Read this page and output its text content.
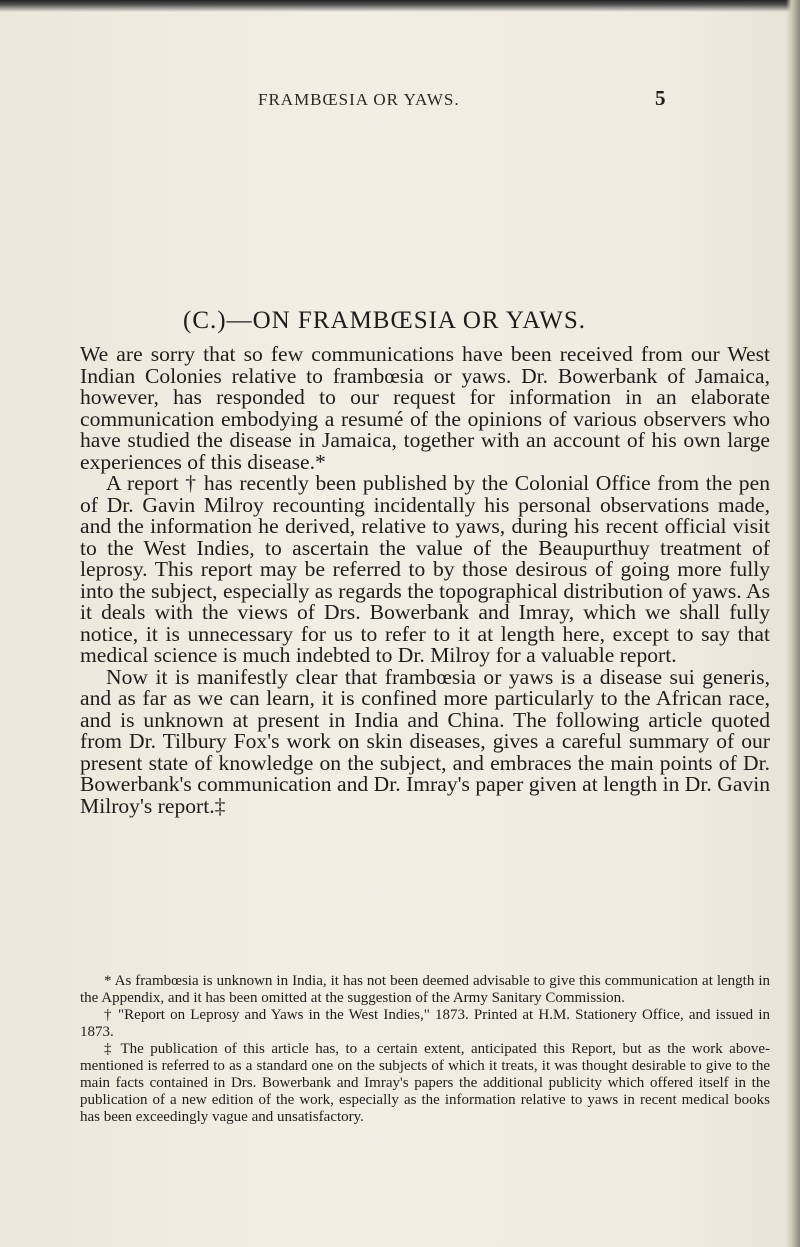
FRAMBŒSIA OR YAWS.	5
(C.)—ON FRAMBŒSIA OR YAWS.

We are sorry that so few communications have been received from our West Indian Colonies relative to frambœsia or yaws. Dr. Bowerbank of Jamaica, however, has responded to our request for information in an elaborate communication embodying a resumé of the opinions of various observers who have studied the disease in Jamaica, together with an account of his own large experiences of this disease.*

A report † has recently been published by the Colonial Office from the pen of Dr. Gavin Milroy recounting incidentally his personal observations made, and the information he derived, relative to yaws, during his recent official visit to the West Indies, to ascertain the value of the Beaupurthuy treatment of leprosy. This report may be referred to by those desirous of going more fully into the subject, especially as regards the topographical distribution of yaws. As it deals with the views of Drs. Bowerbank and Imray, which we shall fully notice, it is unnecessary for us to refer to it at length here, except to say that medical science is much indebted to Dr. Milroy for a valuable report.

Now it is manifestly clear that frambœsia or yaws is a disease sui generis, and as far as we can learn, it is confined more particularly to the African race, and is unknown at present in India and China. The following article quoted from Dr. Tilbury Fox's work on skin diseases, gives a careful summary of our present state of knowledge on the subject, and embraces the main points of Dr. Bowerbank's communication and Dr. Imray's paper given at length in Dr. Gavin Milroy's report.‡

* As frambœsia is unknown in India, it has not been deemed advisable to give this communication at length in the Appendix, and it has been omitted at the suggestion of the Army Sanitary Commission.

† "Report on Leprosy and Yaws in the West Indies," 1873. Printed at H.M. Stationery Office, and issued in 1873.

‡ The publication of this article has, to a certain extent, anticipated this Report, but as the work above-mentioned is referred to as a standard one on the subjects of which it treats, it was thought desirable to give to the main facts contained in Drs. Bowerbank and Imray's papers the additional publicity which offered itself in the publication of a new edition of the work, especially as the information relative to yaws in recent medical books has been exceedingly vague and unsatisfactory.
